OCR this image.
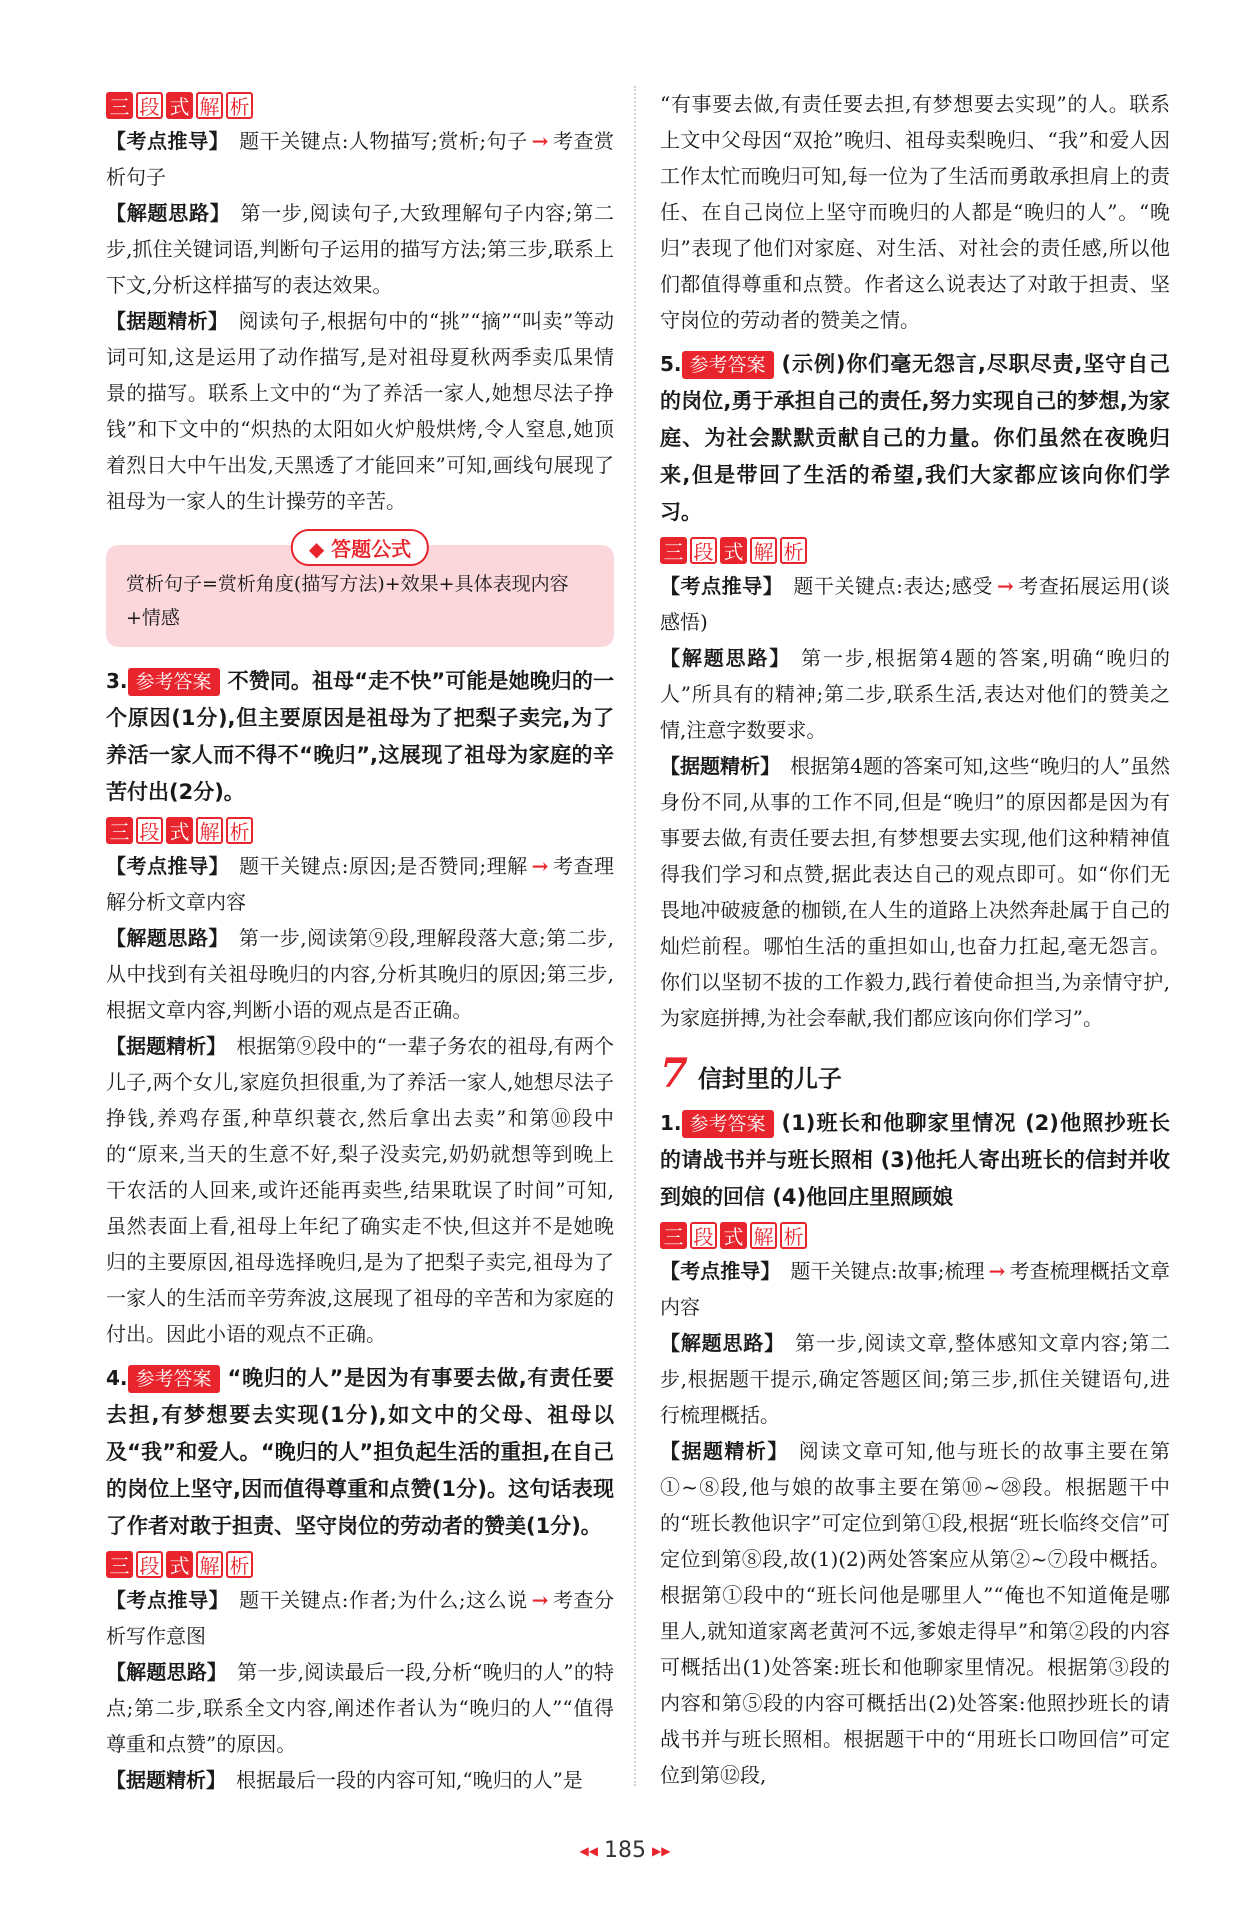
三 段 式 解 析

【考点推导】 题干关键点:人物描写;赏析;句子 → 考查赏析句子

【解题思路】 第一步,阅读句子,大致理解句子内容;第二步,抓住关键词语,判断句子运用的描写方法;第三步,联系上下文,分析这样描写的表达效果。

【据题精析】 阅读句子,根据句中的“挑”“摘”“叫卖”等动词可知,这是运用了动作描写,是对祖母夏秋两季卖瓜果情景的描写。联系上文中的“为了养活一家人,她想尽法子挣钱”和下文中的“炽热的太阳如火炉般烘烤,令人窒息,她顶着烈日大中午出发,天黑透了才能回来”可知,画线句展现了祖母为一家人的生计操劳的辛苦。

◆ 答题公式

赏析句子=赏析角度(描写方法)+效果+具体表现内容+情感

3. 参考答案 不赞同。祖母“走不快”可能是她晚归的一个原因(1分),但主要原因是祖母为了把梨子卖完,为了养活一家人而不得不“晚归”,这展现了祖母为家庭的辛苦付出(2分)。

三 段 式 解 析

【考点推导】 题干关键点:原因;是否赞同;理解 → 考查理解分析文章内容

【解题思路】 第一步,阅读第⑨段,理解段落大意;第二步,从中找到有关祖母晚归的内容,分析其晚归的原因;第三步,根据文章内容,判断小语的观点是否正确。

【据题精析】 根据第⑨段中的“一辈子务农的祖母,有两个儿子,两个女儿,家庭负担很重,为了养活一家人,她想尽法子挣钱,养鸡存蛋,种草织蓑衣,然后拿出去卖”和第⑩段中的“原来,当天的生意不好,梨子没卖完,奶奶就想等到晚上干农活的人回来,或许还能再卖些,结果耽误了时间”可知,虽然表面上看,祖母上年纪了确实走不快,但这并不是她晚归的主要原因,祖母选择晚归,是为了把梨子卖完,祖母为了一家人的生活而辛劳奔波,这展现了祖母的辛苦和为家庭的付出。因此小语的观点不正确。

4. 参考答案 “晚归的人”是因为有事要去做,有责任要去担,有梦想要去实现(1分),如文中的父母、祖母以及“我”和爱人。“晚归的人”担负起生活的重担,在自己的岗位上坚守,因而值得尊重和点赞(1分)。这句话表现了作者对敢于担责、坚守岗位的劳动者的赞美(1分)。

三 段 式 解 析

【考点推导】 题干关键点:作者;为什么;这么说 → 考查分析写作意图

【解题思路】 第一步,阅读最后一段,分析“晚归的人”的特点;第二步,联系全文内容,阐述作者认为“晚归的人”“值得尊重和点赞”的原因。

【据题精析】 根据最后一段的内容可知,“晚归的人”是

“有事要去做,有责任要去担,有梦想要去实现”的人。联系上文中父母因“双抢”晚归、祖母卖梨晚归、“我”和爱人因工作太忙而晚归可知,每一位为了生活而勇敢承担肩上的责任、在自己岗位上坚守而晚归的人都是“晚归的人”。“晚归”表现了他们对家庭、对生活、对社会的责任感,所以他们都值得尊重和点赞。作者这么说表达了对敢于担责、坚守岗位的劳动者的赞美之情。

5. 参考答案 (示例)你们毫无怨言,尽职尽责,坚守自己的岗位,勇于承担自己的责任,努力实现自己的梦想,为家庭、为社会默默贡献自己的力量。你们虽然在夜晚归来,但是带回了生活的希望,我们大家都应该向你们学习。

三 段 式 解 析

【考点推导】 题干关键点:表达;感受 → 考查拓展运用(谈感悟)

【解题思路】 第一步,根据第4题的答案,明确“晚归的人”所具有的精神;第二步,联系生活,表达对他们的赞美之情,注意字数要求。

【据题精析】 根据第4题的答案可知,这些“晚归的人”虽然身份不同,从事的工作不同,但是“晚归”的原因都是因为有事要去做,有责任要去担,有梦想要去实现,他们这种精神值得我们学习和点赞,据此表达自己的观点即可。如“你们无畏地冲破疲惫的枷锁,在人生的道路上决然奔赴属于自己的灿烂前程。哪怕生活的重担如山,也奋力扛起,毫无怨言。你们以坚韧不拔的工作毅力,践行着使命担当,为亲情守护,为家庭拼搏,为社会奉献,我们都应该向你们学习”。

7 信封里的儿子

1. 参考答案 (1)班长和他聊家里情况 (2)他照抄班长的请战书并与班长照相 (3)他托人寄出班长的信封并收到娘的回信 (4)他回庄里照顾娘

三 段 式 解 析

【考点推导】 题干关键点:故事;梳理 → 考查梳理概括文章内容

【解题思路】 第一步,阅读文章,整体感知文章内容;第二步,根据题干提示,确定答题区间;第三步,抓住关键语句,进行梳理概括。

【据题精析】 阅读文章可知,他与班长的故事主要在第①~⑧段,他与娘的故事主要在第⑩~㉘段。根据题干中的“班长教他识字”可定位到第①段,根据“班长临终交信”可定位到第⑧段,故(1)(2)两处答案应从第②~⑦段中概括。根据第①段中的“班长问他是哪里人”“俺也不知道俺是哪里人,就知道家离老黄河不远,爹娘走得早”和第②段的内容可概括出(1)处答案:班长和他聊家里情况。根据第③段的内容和第⑤段的内容可概括出(2)处答案:他照抄班长的请战书并与班长照相。根据题干中的“用班长口吻回信”可定位到第⑫段,

◀◀ 185 ▶▶
